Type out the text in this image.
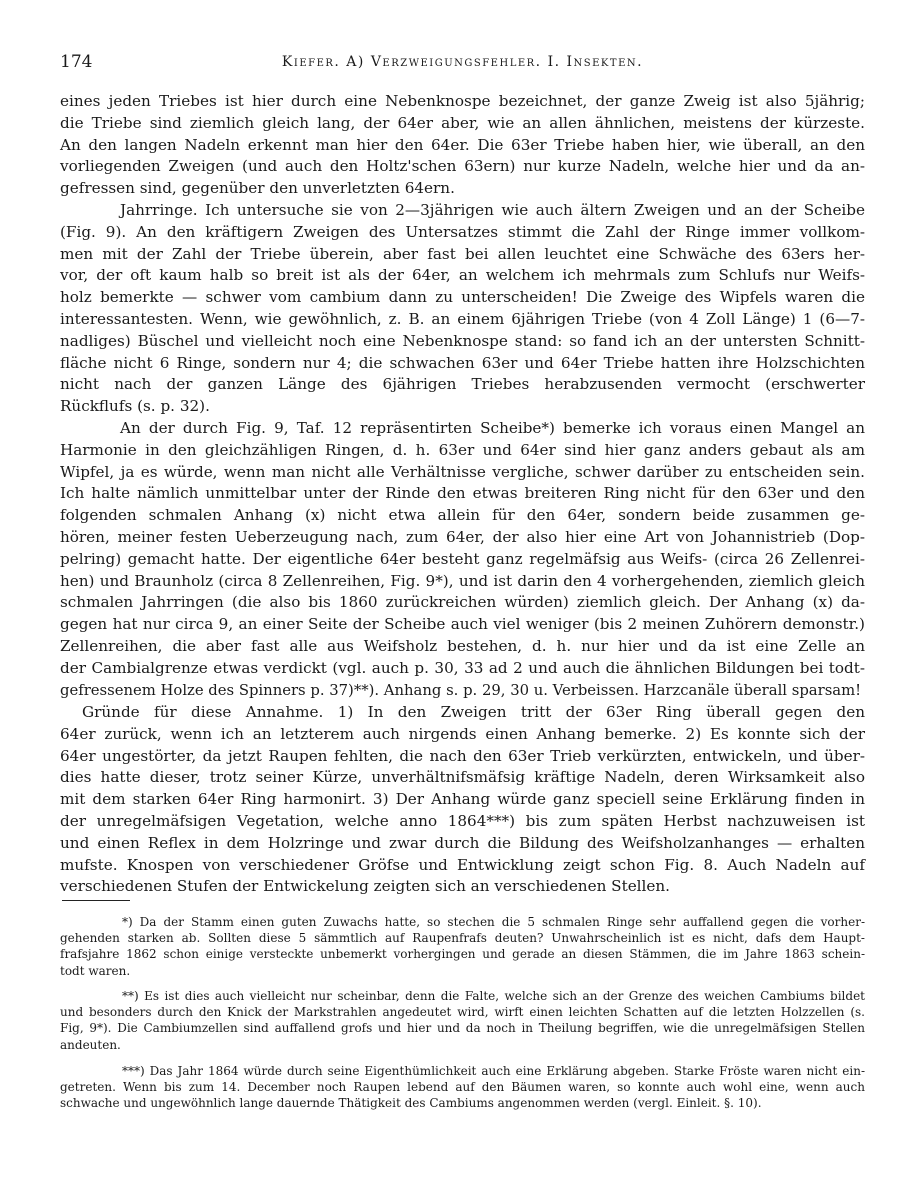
174	Kiefer. A) Verzweigungsfehler. I. Insekten.
eines jeden Triebes ist hier durch eine Nebenknospe bezeichnet, der ganze Zweig ist also 5jährig;
die Triebe sind ziemlich gleich lang, der 64er aber, wie an allen ähnlichen, meistens der kürzeste.
An den langen Nadeln erkennt man hier den 64er. Die 63er Triebe haben hier, wie überall, an den
vorliegenden Zweigen (und auch den Holtz'schen 63ern) nur kurze Nadeln, welche hier und da an-
gefressen sind, gegenüber den unverletzten 64ern.
Jahrringe. Ich untersuche sie von 2—3jährigen wie auch ältern Zweigen und an der Scheibe
(Fig. 9). An den kräftigern Zweigen des Untersatzes stimmt die Zahl der Ringe immer vollkom-
men mit der Zahl der Triebe überein, aber fast bei allen leuchtet eine Schwäche des 63ers her-
vor, der oft kaum halb so breit ist als der 64er, an welchem ich mehrmals zum Schlufs nur Weifs-
holz bemerkte — schwer vom cambium dann zu unterscheiden! Die Zweige des Wipfels waren die
interessantesten. Wenn, wie gewöhnlich, z. B. an einem 6jährigen Triebe (von 4 Zoll Länge) 1 (6—7-
nadliges) Büschel und vielleicht noch eine Nebenknospe stand: so fand ich an der untersten Schnitt-
fläche nicht 6 Ringe, sondern nur 4; die schwachen 63er und 64er Triebe hatten ihre Holzschichten
nicht nach der ganzen Länge des 6jährigen Triebes herabzusenden vermocht (erschwerter
Rückflufs (s. p. 32).
An der durch Fig. 9, Taf. 12 repräsentirten Scheibe*) bemerke ich voraus einen Mangel an
Harmonie in den gleichzähligen Ringen, d. h. 63er und 64er sind hier ganz anders gebaut als am
Wipfel, ja es würde, wenn man nicht alle Verhältnisse vergliche, schwer darüber zu entscheiden sein.
Ich halte nämlich unmittelbar unter der Rinde den etwas breiteren Ring nicht für den 63er und den
folgenden schmalen Anhang (x) nicht etwa allein für den 64er, sondern beide zusammen ge-
hören, meiner festen Ueberzeugung nach, zum 64er, der also hier eine Art von Johannistrieb (Dop-
pelring) gemacht hatte. Der eigentliche 64er besteht ganz regelmäfsig aus Weifs- (circa 26 Zellenrei-
hen) und Braunholz (circa 8 Zellenreihen, Fig. 9*), und ist darin den 4 vorhergehenden, ziemlich gleich
schmalen Jahrringen (die also bis 1860 zurückreichen würden) ziemlich gleich. Der Anhang (x) da-
gegen hat nur circa 9, an einer Seite der Scheibe auch viel weniger (bis 2 meinen Zuhörern demonstr.)
Zellenreihen, die aber fast alle aus Weifsholz bestehen, d. h. nur hier und da ist eine Zelle an
der Cambialgrenze etwas verdickt (vgl. auch p. 30, 33 ad 2 und auch die ähnlichen Bildungen bei todt-
gefressenem Holze des Spinners p. 37)**). Anhang s. p. 29, 30 u. Verbeissen. Harzcanäle überall sparsam!
Gründe für diese Annahme. 1) In den Zweigen tritt der 63er Ring überall gegen den
64er zurück, wenn ich an letzterem auch nirgends einen Anhang bemerke. 2) Es konnte sich der
64er ungestörter, da jetzt Raupen fehlten, die nach den 63er Trieb verkürzten, entwickeln, und über-
dies hatte dieser, trotz seiner Kürze, unverhältnifsmäfsig kräftige Nadeln, deren Wirksamkeit also
mit dem starken 64er Ring harmonirt. 3) Der Anhang würde ganz speciell seine Erklärung finden in
der unregelmäfsigen Vegetation, welche anno 1864***) bis zum späten Herbst nachzuweisen ist
und einen Reflex in dem Holzringe und zwar durch die Bildung des Weifsholzanhanges — erhalten
mufste. Knospen von verschiedener Gröfse und Entwicklung zeigt schon Fig. 8. Auch Nadeln auf
verschiedenen Stufen der Entwickelung zeigten sich an verschiedenen Stellen.
*) Da der Stamm einen guten Zuwachs hatte, so stechen die 5 schmalen Ringe sehr auffallend gegen die vorher-
gehenden starken ab. Sollten diese 5 sämmtlich auf Raupenfrafs deuten? Unwahrscheinlich ist es nicht, dafs dem Haupt-
frafsjahre 1862 schon einige versteckte unbemerkt vorhergingen und gerade an diesen Stämmen, die im Jahre 1863 schein-
todt waren.
**) Es ist dies auch vielleicht nur scheinbar, denn die Falte, welche sich an der Grenze des weichen Cambiums bildet
und besonders durch den Knick der Markstrahlen angedeutet wird, wirft einen leichten Schatten auf die letzten Holzzellen (s.
Fig, 9*). Die Cambiumzellen sind auffallend grofs und hier und da noch in Theilung begriffen, wie die unregelmäfsigen Stellen
andeuten.
***) Das Jahr 1864 würde durch seine Eigenthümlichkeit auch eine Erklärung abgeben. Starke Fröste waren nicht ein-
getreten. Wenn bis zum 14. December noch Raupen lebend auf den Bäumen waren, so konnte auch wohl eine, wenn auch
schwache und ungewöhnlich lange dauernde Thätigkeit des Cambiums angenommen werden (vergl. Einleit. §. 10).
